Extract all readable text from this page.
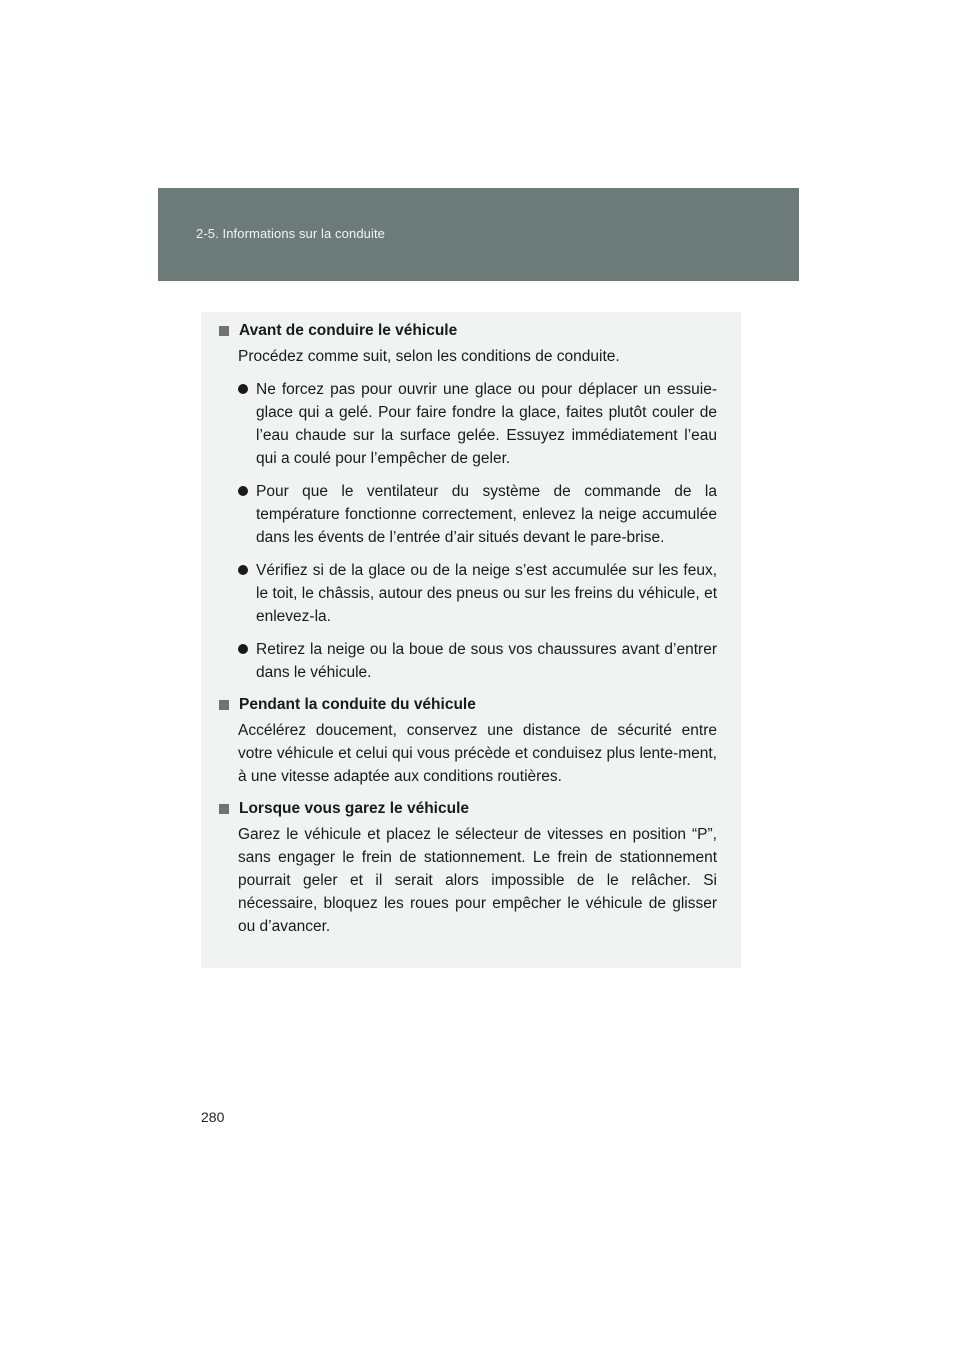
2-5. Informations sur la conduite
Avant de conduire le véhicule
Procédez comme suit, selon les conditions de conduite.
Ne forcez pas pour ouvrir une glace ou pour déplacer un essuie-glace qui a gelé. Pour faire fondre la glace, faites plutôt couler de l’eau chaude sur la surface gelée. Essuyez immédiatement l’eau qui a coulé pour l’empêcher de geler.
Pour que le ventilateur du système de commande de la température fonctionne correctement, enlevez la neige accumulée dans les évents de l’entrée d’air situés devant le pare-brise.
Vérifiez si de la glace ou de la neige s’est accumulée sur les feux, le toit, le châssis, autour des pneus ou sur les freins du véhicule, et enlevez-la.
Retirez la neige ou la boue de sous vos chaussures avant d’entrer dans le véhicule.
Pendant la conduite du véhicule
Accélérez doucement, conservez une distance de sécurité entre votre véhicule et celui qui vous précède et conduisez plus lente-ment, à une vitesse adaptée aux conditions routières.
Lorsque vous garez le véhicule
Garez le véhicule et placez le sélecteur de vitesses en position “P”, sans engager le frein de stationnement. Le frein de stationnement pourrait geler et il serait alors impossible de le relâcher. Si nécessaire, bloquez les roues pour empêcher le véhicule de glisser ou d’avancer.
280
